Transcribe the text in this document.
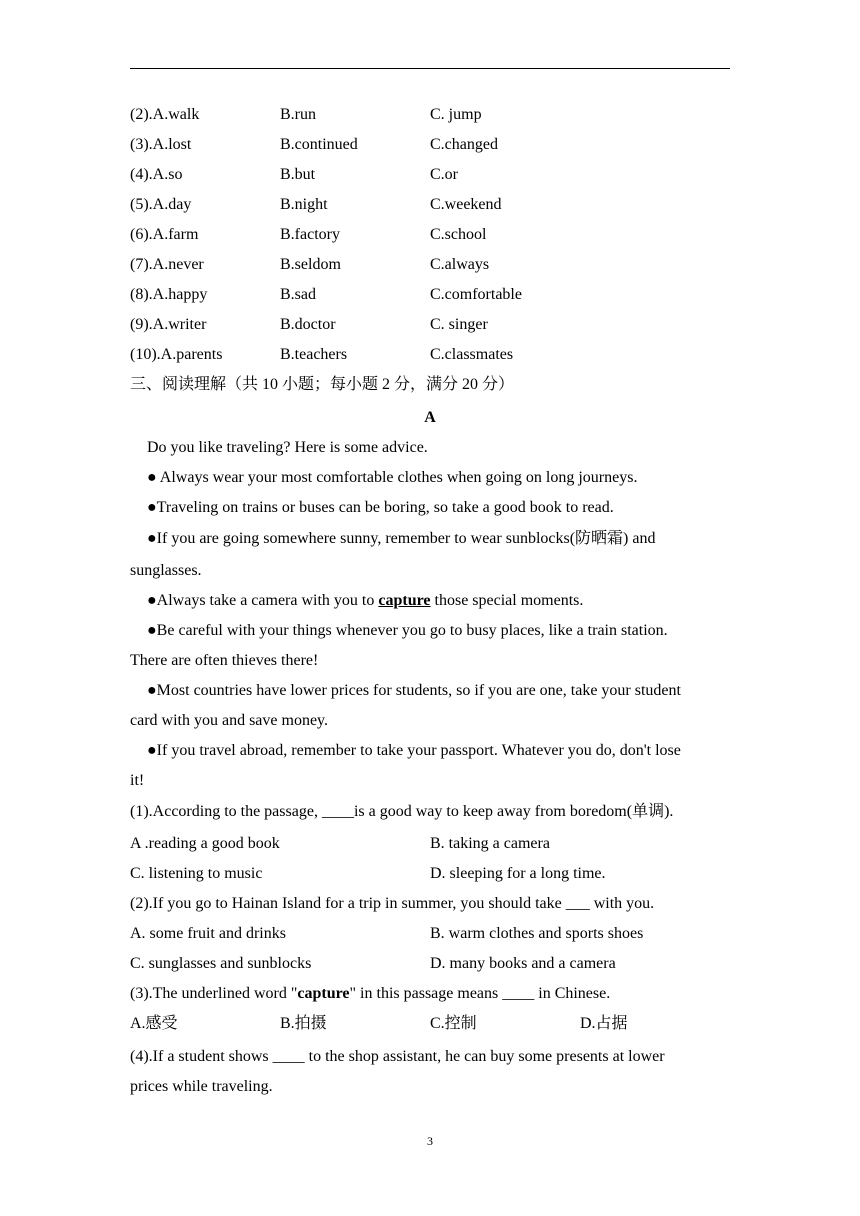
(2).A.walk	B.run	C. jump
(3).A.lost	B.continued	C.changed
(4).A.so	B.but	C.or
(5).A.day	B.night	C.weekend
(6).A.farm	B.factory	C.school
(7).A.never	B.seldom	C.always
(8).A.happy	B.sad	C.comfortable
(9).A.writer	B.doctor	C. singer
(10).A.parents	B.teachers	C.classmates
三、阅读理解（共 10 小题；每小题 2 分，满分 20 分）
A
Do you like traveling? Here is some advice.
● Always wear your most comfortable clothes when going on long journeys.
●Traveling on trains or buses can be boring, so take a good book to read.
●If you are going somewhere sunny, remember to wear sunblocks(防晒霜) and
sunglasses.
●Always take a camera with you to capture those special moments.
●Be careful with your things whenever you go to busy places, like a train station.
There are often thieves there!
●Most countries have lower prices for students, so if you are one, take your student
card with you and save money.
●If you travel abroad, remember to take your passport. Whatever you do, don't lose
it!
(1).According to the passage, ____is a good way to keep away from boredom(单调).
A .reading a good book	B. taking a camera
C. listening to music	D. sleeping for a long time.
(2).If you go to Hainan Island for a trip in summer, you should take ___ with you.
A. some fruit and drinks	B. warm clothes and sports shoes
C. sunglasses and sunblocks	D. many books and a camera
(3).The underlined word "capture" in this passage means ____ in Chinese.
A.感受	B.拍摄	C.控制	D.占据
(4).If a student shows ____ to the shop assistant, he can buy some presents at lower
prices while traveling.
3
